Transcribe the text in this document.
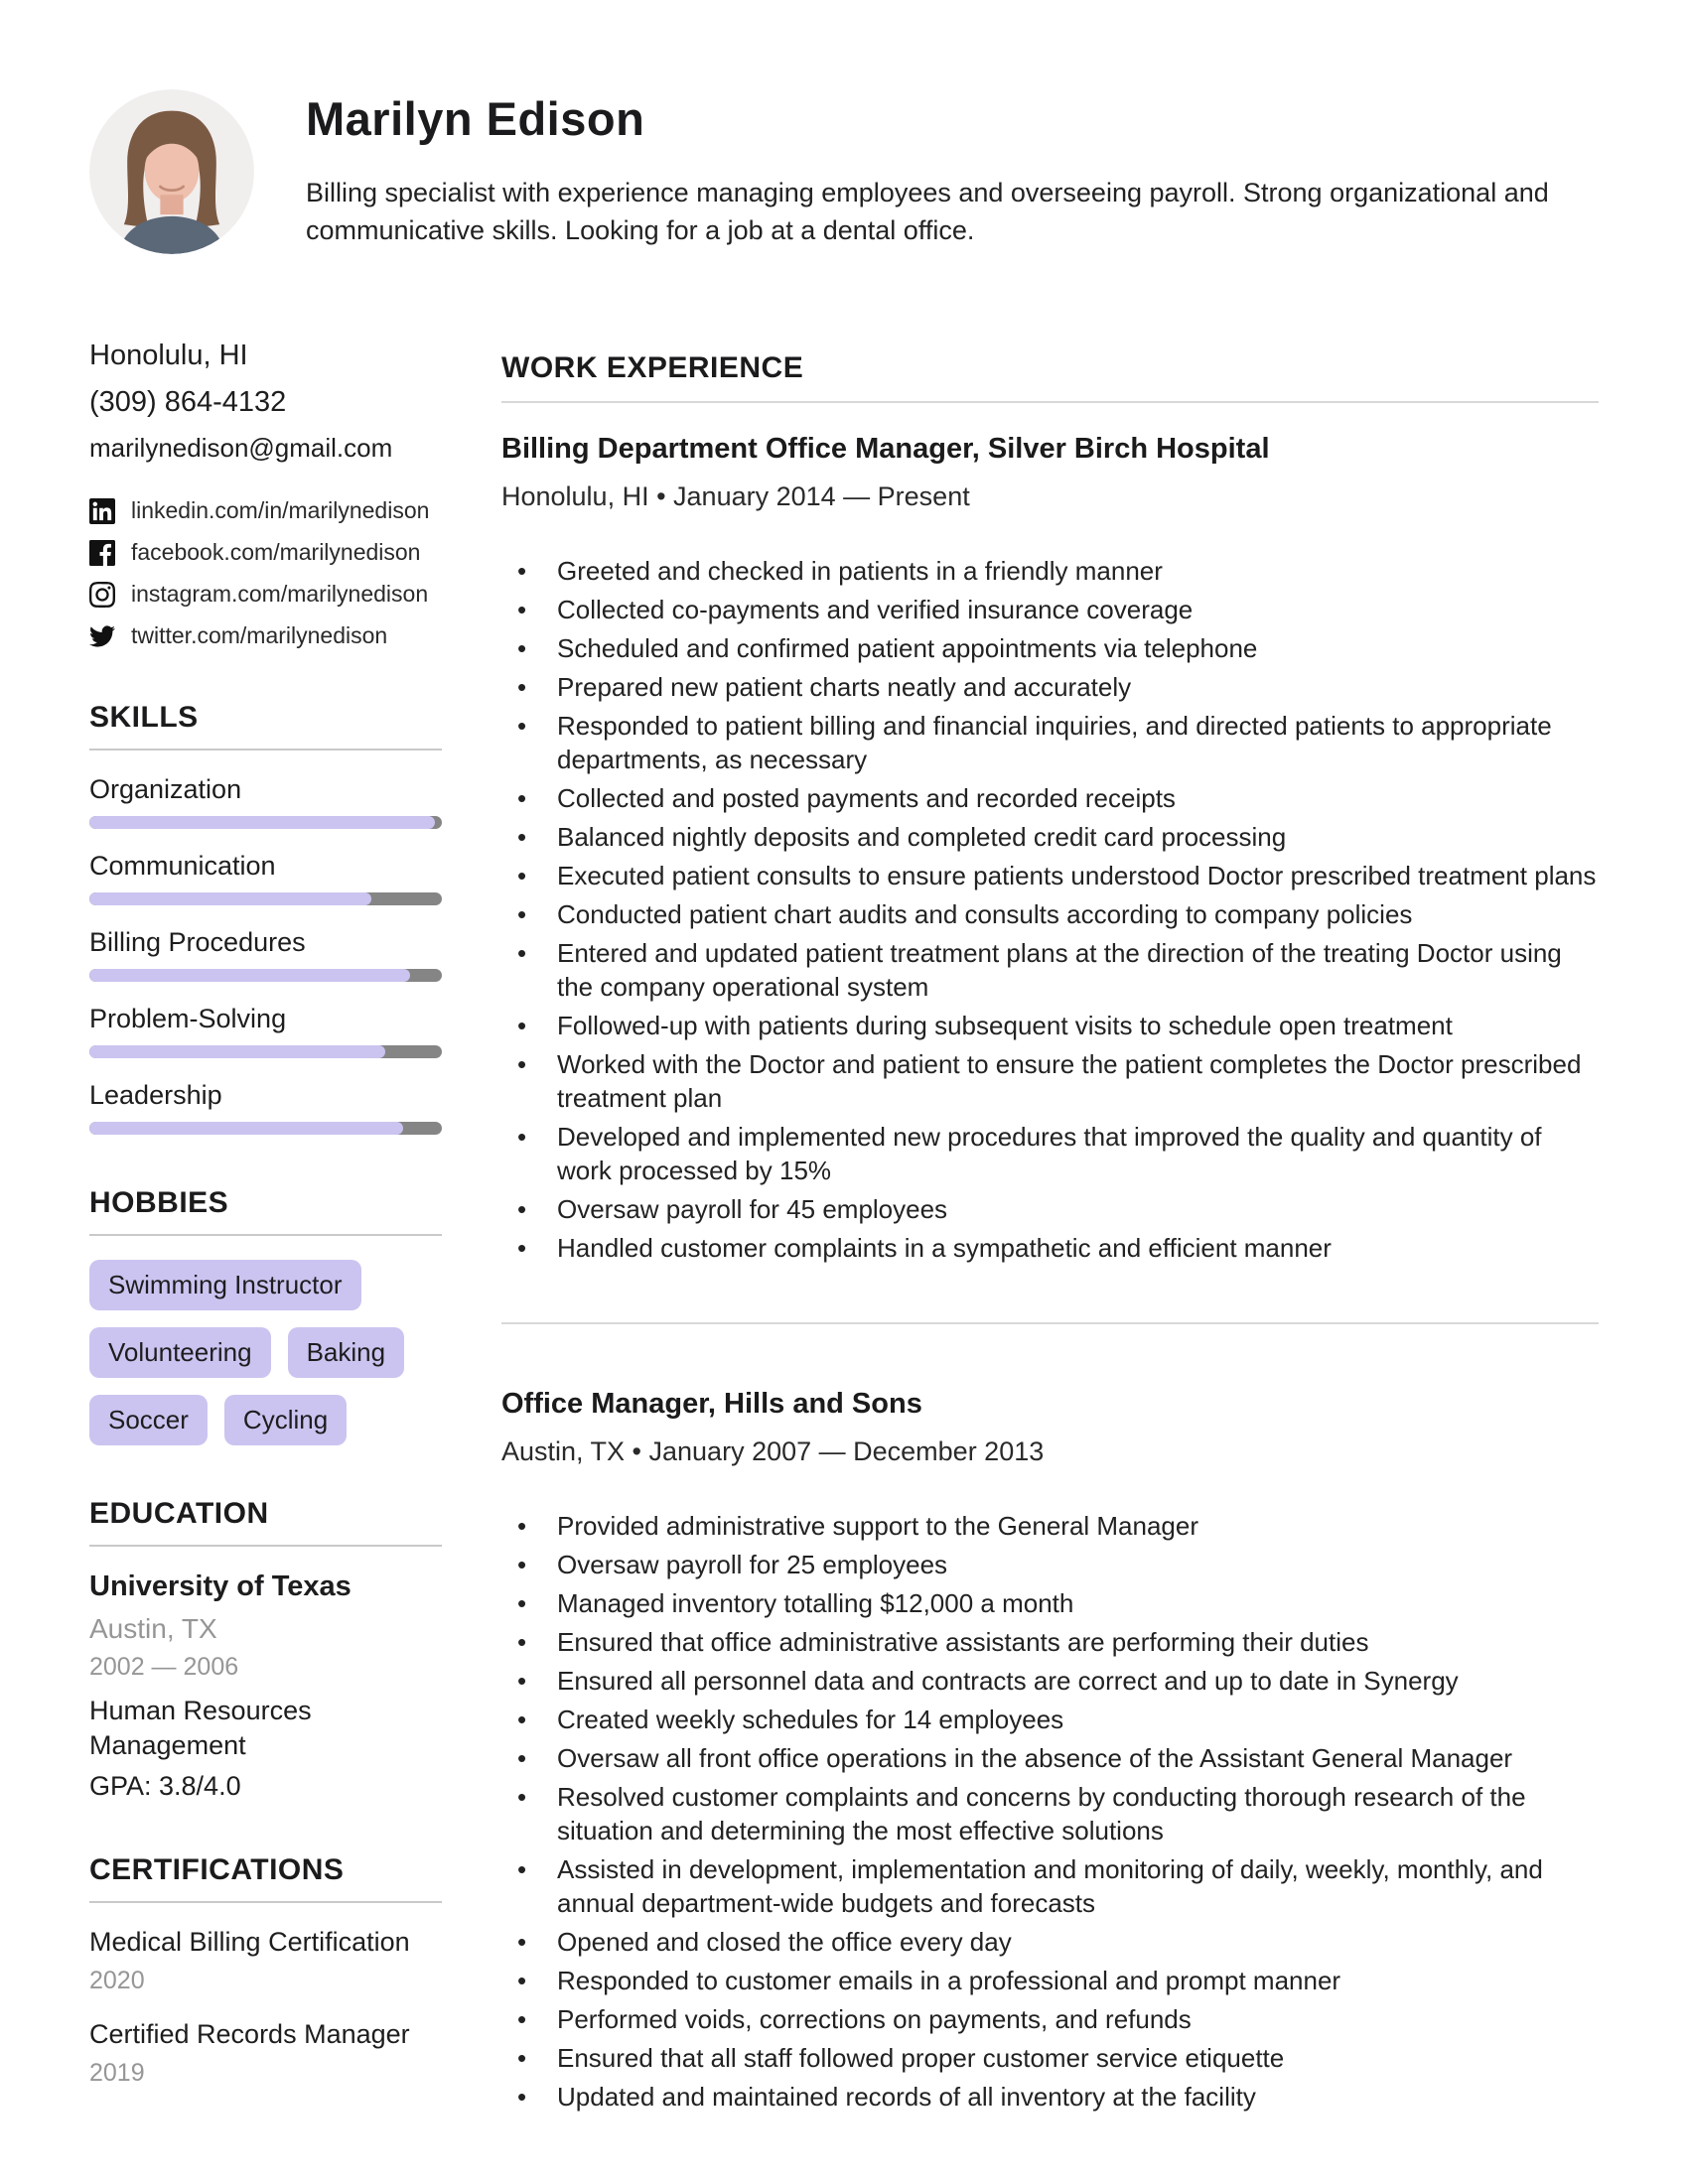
Marilyn Edison

Billing specialist with experience managing employees and overseeing payroll. Strong organizational and communicative skills. Looking for a job at a dental office.

Honolulu, HI

(309) 864-4132

marilynedison@gmail.com

linkedin.com/in/marilynedison
facebook.com/marilynedison
instagram.com/marilynedison
twitter.com/marilynedison
SKILLS
Organization
Communication
Billing Procedures
Problem-Solving
Leadership
HOBBIES
Swimming Instructor
Volunteering	Baking
Soccer	Cycling
EDUCATION

University of Texas

Austin, TX

2002 — 2006

Human Resources Management

GPA: 3.8/4.0

CERTIFICATIONS
Medical Billing Certification
2020
Certified Records Manager
2019
WORK EXPERIENCE
Billing Department Office Manager, Silver Birch Hospital

Honolulu, HI • January 2014 — Present

• Greeted and checked in patients in a friendly manner
• Collected co-payments and verified insurance coverage
• Scheduled and confirmed patient appointments via telephone
• Prepared new patient charts neatly and accurately
• Responded to patient billing and financial inquiries, and directed patients to appropriate departments, as necessary
• Collected and posted payments and recorded receipts
• Balanced nightly deposits and completed credit card processing
• Executed patient consults to ensure patients understood Doctor prescribed treatment plans
• Conducted patient chart audits and consults according to company policies
• Entered and updated patient treatment plans at the direction of the treating Doctor using the company operational system
• Followed-up with patients during subsequent visits to schedule open treatment
• Worked with the Doctor and patient to ensure the patient completes the Doctor prescribed treatment plan
• Developed and implemented new procedures that improved the quality and quantity of work processed by 15%
• Oversaw payroll for 45 employees
• Handled customer complaints in a sympathetic and efficient manner
Office Manager, Hills and Sons

Austin, TX • January 2007 — December 2013

• Provided administrative support to the General Manager
• Oversaw payroll for 25 employees
• Managed inventory totalling $12,000 a month
• Ensured that office administrative assistants are performing their duties
• Ensured all personnel data and contracts are correct and up to date in Synergy
• Created weekly schedules for 14 employees
• Oversaw all front office operations in the absence of the Assistant General Manager
• Resolved customer complaints and concerns by conducting thorough research of the situation and determining the most effective solutions
• Assisted in development, implementation and monitoring of daily, weekly, monthly, and annual department-wide budgets and forecasts
• Opened and closed the office every day
• Responded to customer emails in a professional and prompt manner
• Performed voids, corrections on payments, and refunds
• Ensured that all staff followed proper customer service etiquette
• Updated and maintained records of all inventory at the facility
